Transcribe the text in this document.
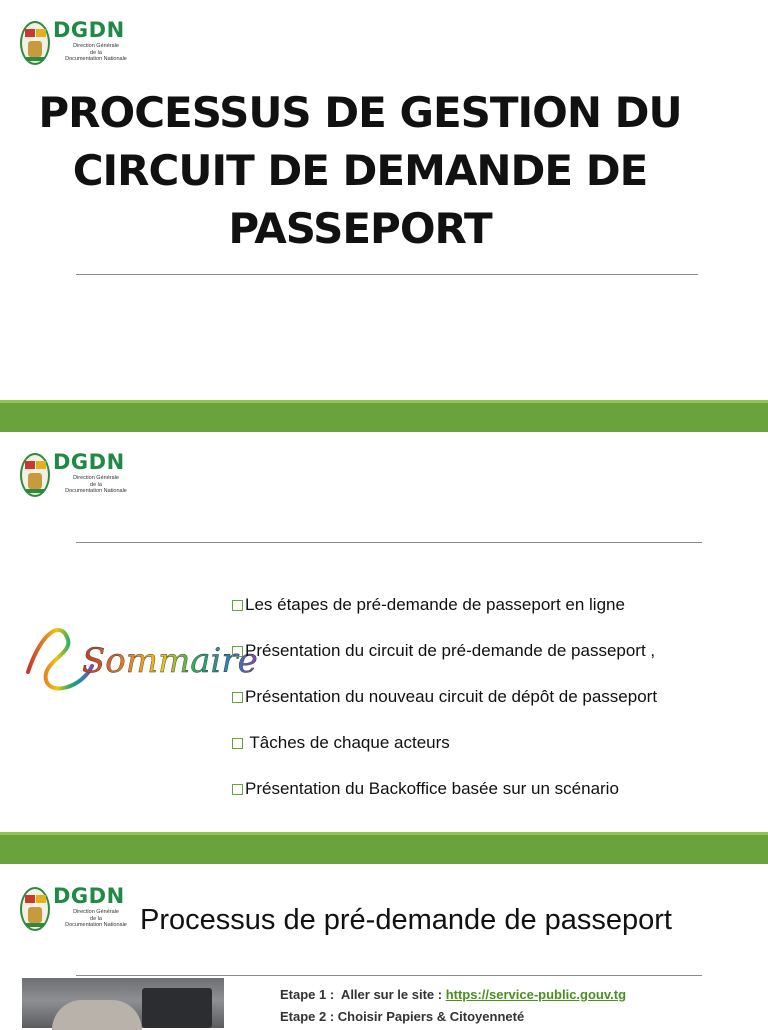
DGDN
Direction Générale
de la
Documentation Nationale
PROCESSUS DE GESTION DU
CIRCUIT DE DEMANDE DE
PASSEPORT
DGDN
Direction Générale
de la
Documentation Nationale
Sommaire
Les étapes de pré-demande de passeport en ligne
Présentation du circuit de pré-demande de passeport ,
Présentation du nouveau circuit de dépôt de passeport
Tâches de chaque acteurs
Présentation du Backoffice basée sur un scénario
DGDN
Direction Générale
de la
Documentation Nationale Processus de pré-demande de passeport
Etape 1 :  Aller sur le site : https://service-public.gouv.tg
Etape 2 : Choisir Papiers & Citoyenneté
